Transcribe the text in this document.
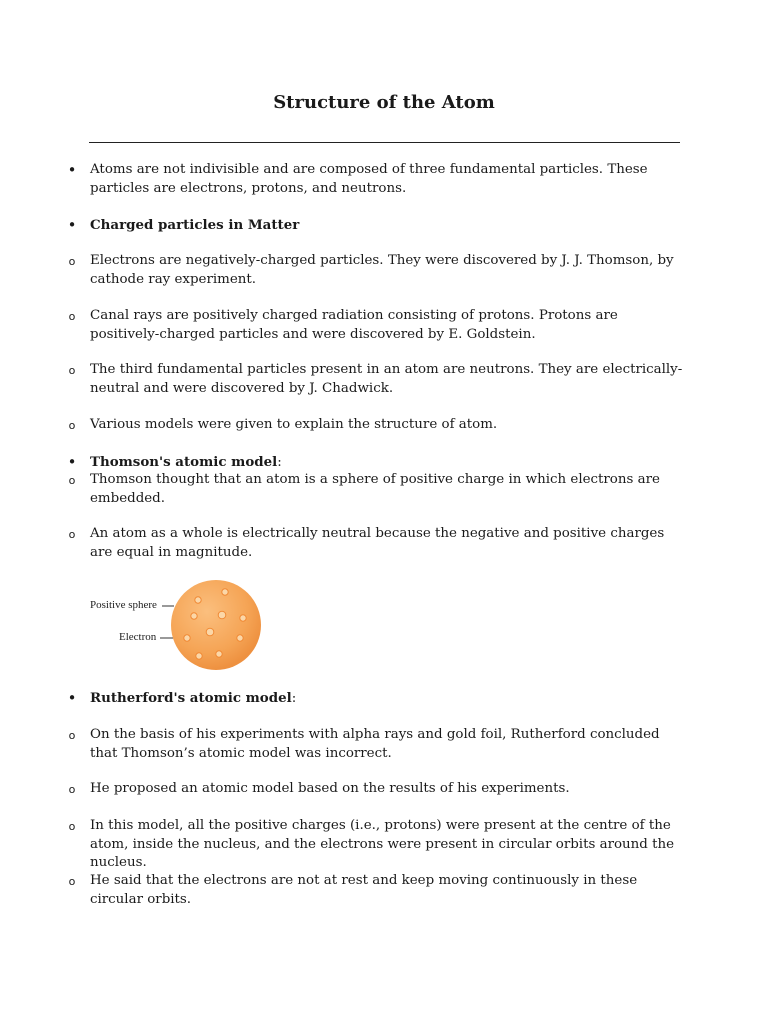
Structure of the Atom
• Atoms are not indivisible and are composed of three fundamental particles. These particles are electrons, protons, and neutrons.
• Charged particles in Matter
o Electrons are negatively-charged particles. They were discovered by J. J. Thomson, by cathode ray experiment.
o Canal rays are positively charged radiation consisting of protons. Protons are positively-charged particles and were discovered by E. Goldstein.
o The third fundamental particles present in an atom are neutrons. They are electrically-neutral and were discovered by J. Chadwick.
o Various models were given to explain the structure of atom.
• Thomson's atomic model:
o Thomson thought that an atom is a sphere of positive charge in which electrons are embedded.
o An atom as a whole is electrically neutral because the negative and positive charges are equal in magnitude.
Positive sphere
Electron
• Rutherford's atomic model:
o On the basis of his experiments with alpha rays and gold foil, Rutherford concluded that Thomson’s atomic model was incorrect.
o He proposed an atomic model based on the results of his experiments.
o In this model, all the positive charges (i.e., protons) were present at the centre of the atom, inside the nucleus, and the electrons were present in circular orbits around the nucleus.
o He said that the electrons are not at rest and keep moving continuously in these circular orbits.
